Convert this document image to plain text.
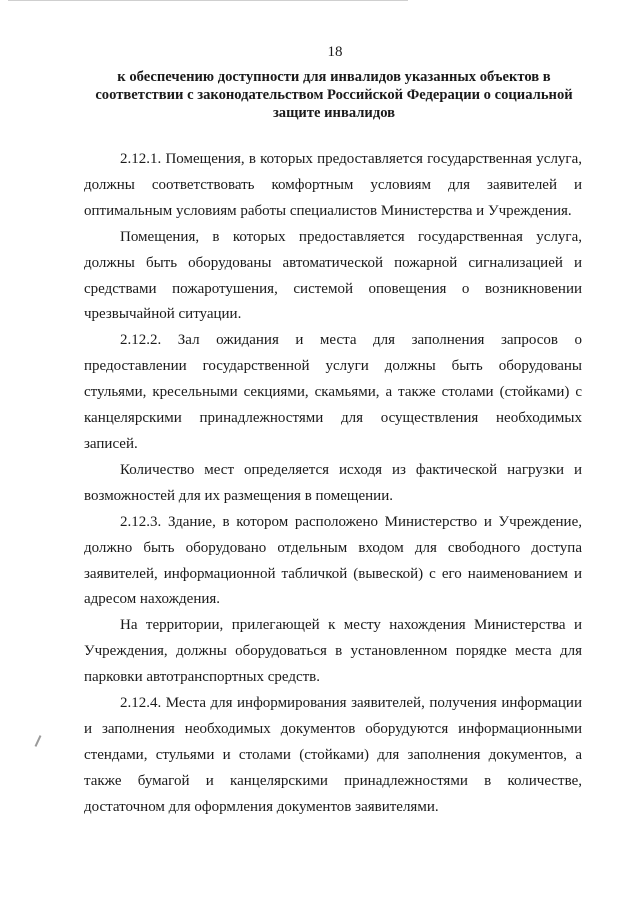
18
к обеспечению доступности для инвалидов указанных объектов в соответствии с законодательством Российской Федерации о социальной защите инвалидов

2.12.1. Помещения, в которых предоставляется государственная услуга, должны соответствовать комфортным условиям для заявителей и оптимальным условиям работы специалистов Министерства и Учреждения.

Помещения, в которых предоставляется государственная услуга, должны быть оборудованы автоматической пожарной сигнализацией и средствами пожаротушения, системой оповещения о возникновении чрезвычайной ситуации.

2.12.2. Зал ожидания и места для заполнения запросов о предоставлении государственной услуги должны быть оборудованы стульями, кресельными секциями, скамьями, а также столами (стойками) с канцелярскими принадлежностями для осуществления необходимых записей.

Количество мест определяется исходя из фактической нагрузки и возможностей для их размещения в помещении.

2.12.3. Здание, в котором расположено Министерство и Учреждение, должно быть оборудовано отдельным входом для свободного доступа заявителей, информационной табличкой (вывеской) с его наименованием и адресом нахождения.

На территории, прилегающей к месту нахождения Министерства и Учреждения, должны оборудоваться в установленном порядке места для парковки автотранспортных средств.

2.12.4. Места для информирования заявителей, получения информации и заполнения необходимых документов оборудуются информационными стендами, стульями и столами (стойками) для заполнения документов, а также бумагой и канцелярскими принадлежностями в количестве, достаточном для оформления документов заявителями.
